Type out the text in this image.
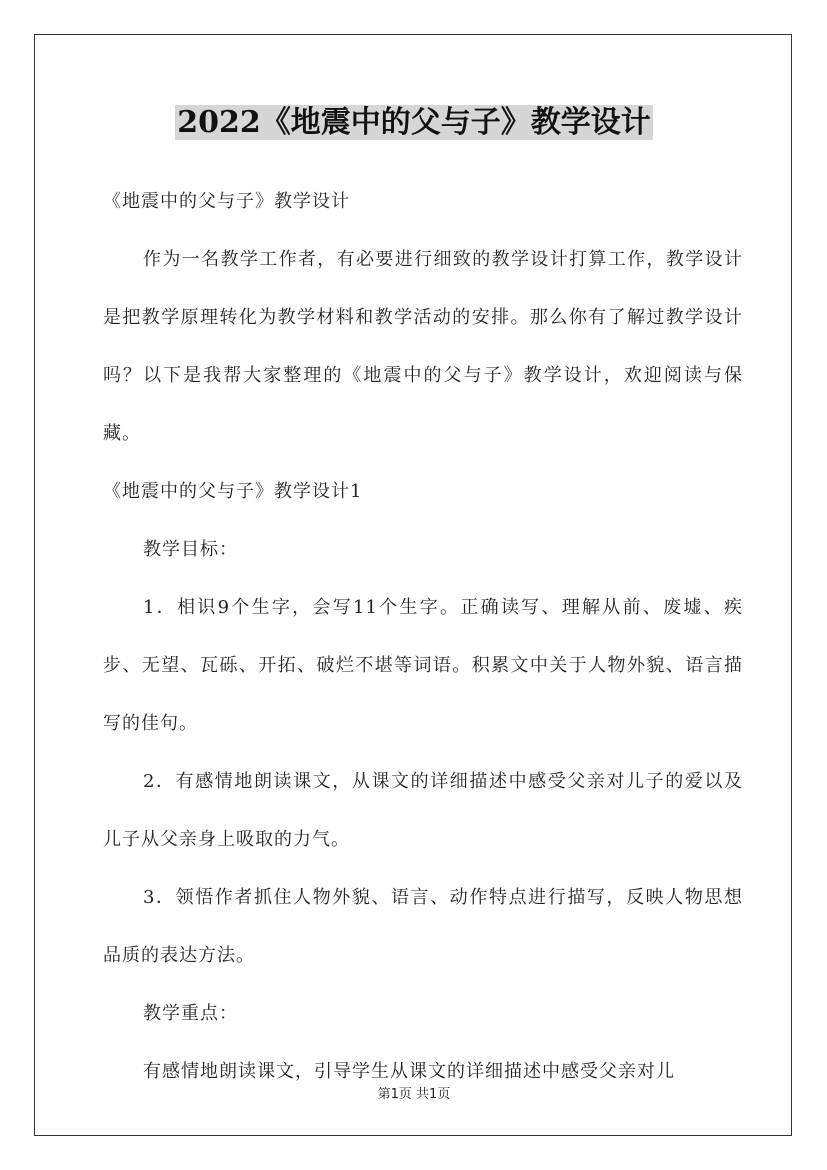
2022《地震中的父与子》教学设计

《地震中的父与子》教学设计

作为一名教学工作者，有必要进行细致的教学设计打算工作，教学设计是把教学原理转化为教学材料和教学活动的安排。那么你有了解过教学设计吗？以下是我帮大家整理的《地震中的父与子》教学设计，欢迎阅读与保藏。

《地震中的父与子》教学设计1

教学目标：

1．相识9个生字，会写11个生字。正确读写、理解从前、废墟、疾步、无望、瓦砾、开拓、破烂不堪等词语。积累文中关于人物外貌、语言描写的佳句。

2．有感情地朗读课文，从课文的详细描述中感受父亲对儿子的爱以及儿子从父亲身上吸取的力气。

3．领悟作者抓住人物外貌、语言、动作特点进行描写，反映人物思想品质的表达方法。

教学重点：

有感情地朗读课文，引导学生从课文的详细描述中感受父亲对儿

第1页 共1页
